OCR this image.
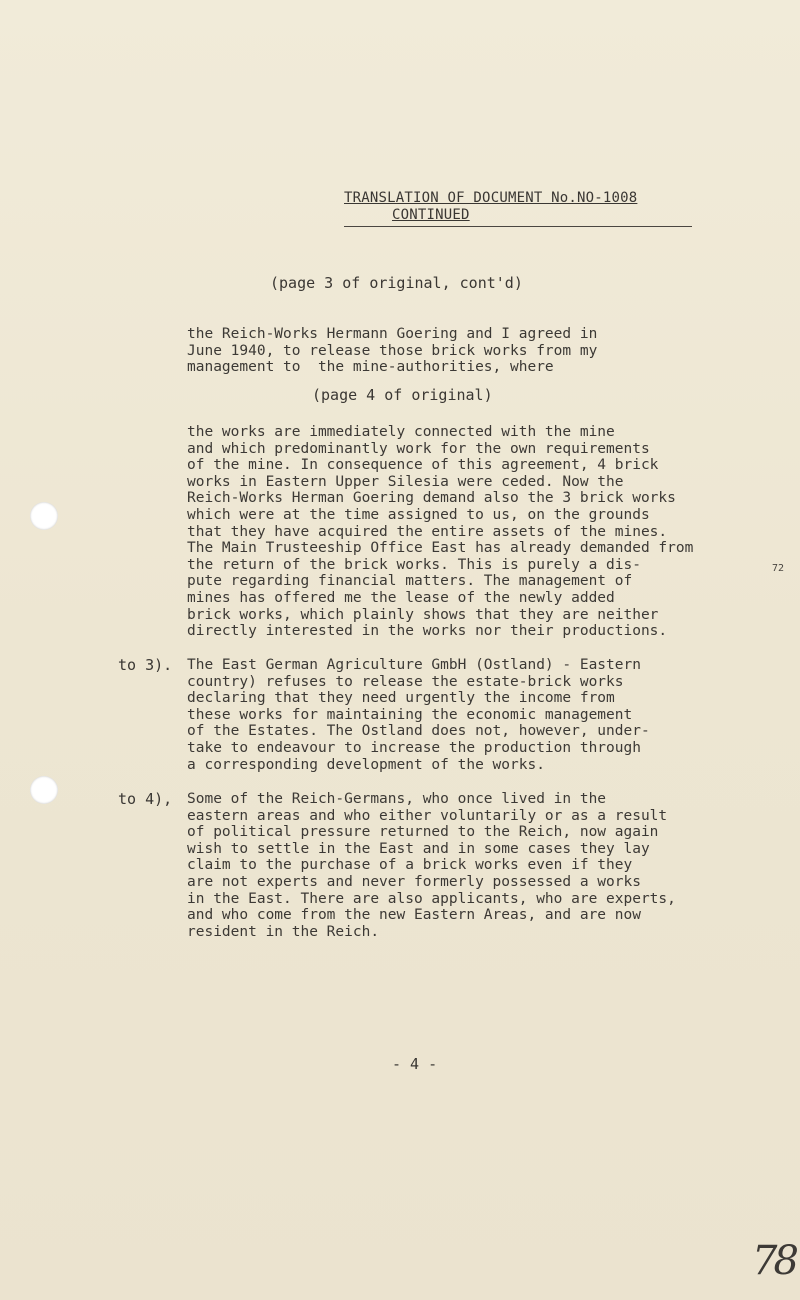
TRANSLATION OF DOCUMENT No.NO-1008
CONTINUED
(page 3 of original, cont'd)
the Reich-Works Hermann Goering and I agreed in
June 1940, to release those brick works from my
management to  the mine-authorities, where
(page 4 of original)
the works are immediately connected with the mine
and which predominantly work for the own requirements
of the mine. In consequence of this agreement, 4 brick
works in Eastern Upper Silesia were ceded. Now the
Reich-Works Herman Goering demand also the 3 brick works
which were at the time assigned to us, on the grounds
that they have acquired the entire assets of the mines.
The Main Trusteeship Office East has already demanded from
the return of the brick works. This is purely a dis-
pute regarding financial matters. The management of
mines has offered me the lease of the newly added
brick works, which plainly shows that they are neither
directly interested in the works nor their productions.
72
to 3). The East German Agriculture GmbH (Ostland) - Eastern
country) refuses to release the estate-brick works
declaring that they need urgently the income from
these works for maintaining the economic management
of the Estates. The Ostland does not, however, under-
take to endeavour to increase the production through
a corresponding development of the works.
to 4), Some of the Reich-Germans, who once lived in the
eastern areas and who either voluntarily or as a result
of political pressure returned to the Reich, now again
wish to settle in the East and in some cases they lay
claim to the purchase of a brick works even if they
are not experts and never formerly possessed a works
in the East. There are also applicants, who are experts,
and who come from the new Eastern Areas, and are now
resident in the Reich.
- 4 -
78
